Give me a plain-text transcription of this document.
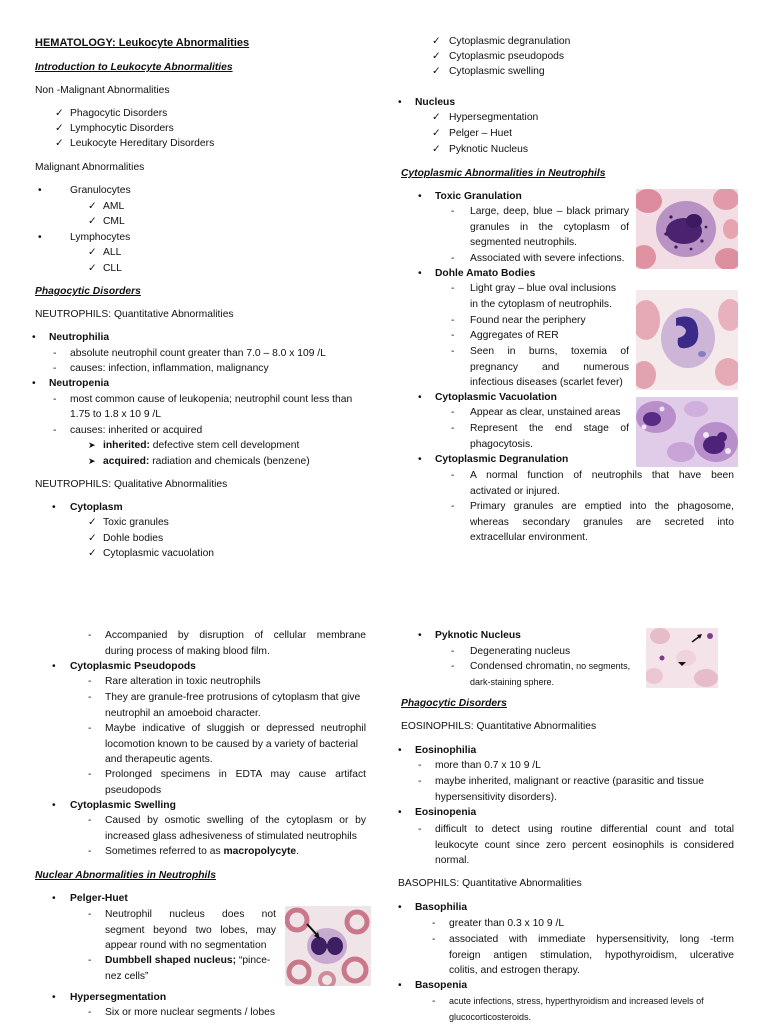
HEMATOLOGY: Leukocyte Abnormalities
Introduction to Leukocyte Abnormalities
Non -Malignant Abnormalities
✓ Phagocytic Disorders
✓ Lymphocytic Disorders
✓ Leukocyte Hereditary Disorders
Malignant Abnormalities
•	Granulocytes
✓ AML
✓ CML
•	Lymphocytes
✓ ALL
✓ CLL
Phagocytic Disorders
NEUTROPHILS: Quantitative Abnormalities
• Neutrophilia
- absolute neutrophil count greater than 7.0 – 8.0 x 109 /L
- causes: infection, inflammation, malignancy
• Neutropenia
- most common cause of leukopenia; neutrophil count less than
1.75 to 1.8 x 10 9 /L
- causes: inherited or acquired
➤ inherited: defective stem cell development
➤ acquired: radiation and chemicals (benzene)
NEUTROPHILS: Qualitative Abnormalities
• Cytoplasm
✓ Toxic granules
✓ Dohle bodies
✓ Cytoplasmic vacuolation
✓ Cytoplasmic degranulation
✓ Cytoplasmic pseudopods
✓ Cytoplasmic swelling
• Nucleus
✓ Hypersegmentation
✓ Pelger – Huet
✓ Pyknotic Nucleus
Cytoplasmic Abnormalities in Neutrophils
• Toxic Granulation
- Large, deep, blue – black primary
granules in the cytoplasm of
segmented neutrophils.
- Associated with severe infections.
• Dohle Amato Bodies
- Light gray – blue oval inclusions
in the cytoplasm of neutrophils.
- Found near the periphery
- Aggregates of RER
- Seen in burns, toxemia of
pregnancy and numerous
infectious diseases (scarlet fever)
• Cytoplasmic Vacuolation
- Appear as clear, unstained areas
- Represent the end stage of
phagocytosis.
• Cytoplasmic Degranulation
- A normal function of neutrophils that have been
activated or injured.
- Primary granules are emptied into the phagosome,
whereas secondary granules are secreted into
extracellular environment.
- Accompanied by disruption of cellular membrane
during process of making blood film.
• Cytoplasmic Pseudopods
- Rare alteration in toxic neutrophils
- They are granule-free protrusions of cytoplasm that give
neutrophil an amoeboid character.
- Maybe indicative of sluggish or depressed neutrophil
locomotion known to be caused by a variety of bacterial
and therapeutic agents.
- Prolonged specimens in EDTA may cause artifact
pseudopods
• Cytoplasmic Swelling
- Caused by osmotic swelling of the cytoplasm or by
increased glass adhesiveness of stimulated neutrophils
- Sometimes referred to as macropolycyte.
Nuclear Abnormalities in Neutrophils
• Pelger-Huet
- Neutrophil nucleus does not
segment beyond two lobes, may
appear round with no segmentation
- Dumbbell shaped nucleus; “pince-
nez cells”
• Hypersegmentation
- Six or more nuclear segments / lobes
• Pyknotic Nucleus
- Degenerating nucleus
- Condensed chromatin, no segments,
dark-staining sphere.
Phagocytic Disorders
EOSINOPHILS: Quantitative Abnormalities
• Eosinophilia
- more than 0.7 x 10 9 /L
- maybe inherited, malignant or reactive (parasitic and tissue
hypersensitivity disorders).
• Eosinopenia
- difficult to detect using routine differential count and total
leukocyte count since zero percent eosinophils is considered
normal.
BASOPHILS: Quantitative Abnormalities
• Basophilia
- greater than 0.3 x 10 9 /L
- associated with immediate hypersensitivity, long -term
foreign antigen stimulation, hypothyroidism, ulcerative
colitis, and estrogen therapy.
• Basopenia
- acute infections, stress, hyperthyroidism and increased levels of
glucocorticosteroids.
